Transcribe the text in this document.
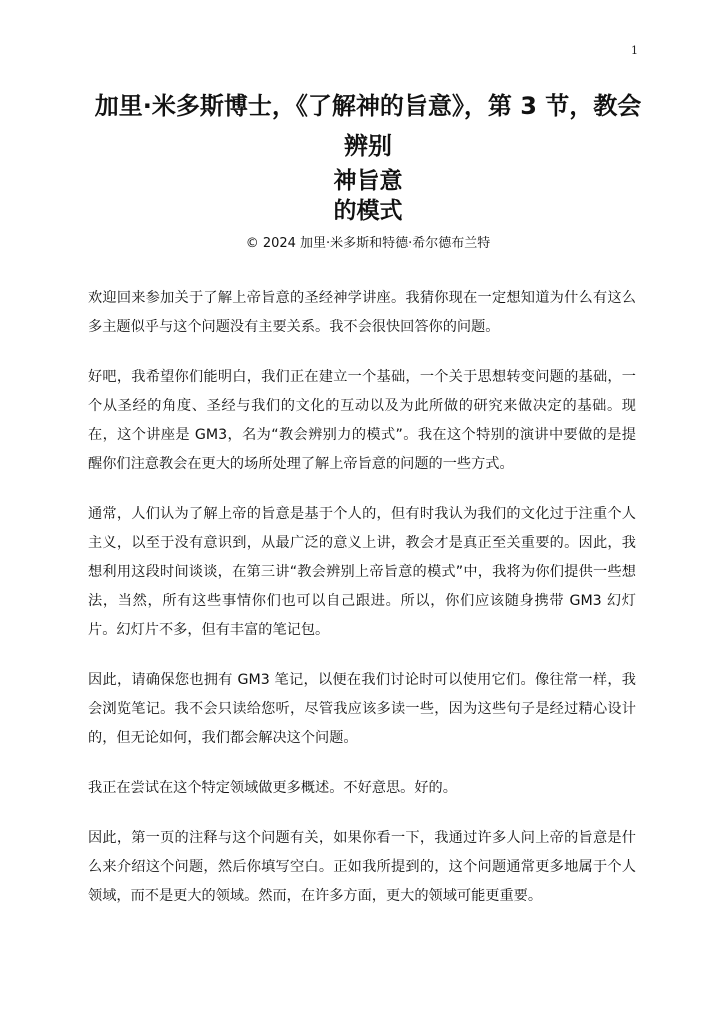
1
加里·米多斯博士，《了解神的旨意》，第 3 节，教会辨别
神旨意
的模式
© 2024 加里·米多斯和特德·希尔德布兰特

欢迎回来参加关于了解上帝旨意的圣经神学讲座。我猜你现在一定想知道为什么有这么多主题似乎与这个问题没有主要关系。我不会很快回答你的问题。

好吧，我希望你们能明白，我们正在建立一个基础，一个关于思想转变问题的基础，一个从圣经的角度、圣经与我们的文化的互动以及为此所做的研究来做决定的基础。现在，这个讲座是 GM3，名为“教会辨别力的模式”。我在这个特别的演讲中要做的是提醒你们注意教会在更大的场所处理了解上帝旨意的问题的一些方式。

通常，人们认为了解上帝的旨意是基于个人的，但有时我认为我们的文化过于注重个人主义，以至于没有意识到，从最广泛的意义上讲，教会才是真正至关重要的。因此，我想利用这段时间谈谈，在第三讲“教会辨别上帝旨意的模式”中，我将为你们提供一些想法，当然，所有这些事情你们也可以自己跟进。所以，你们应该随身携带 GM3 幻灯片。幻灯片不多，但有丰富的笔记包。

因此，请确保您也拥有 GM3 笔记，以便在我们讨论时可以使用它们。像往常一样，我会浏览笔记。我不会只读给您听，尽管我应该多读一些，因为这些句子是经过精心设计的，但无论如何，我们都会解决这个问题。

我正在尝试在这个特定领域做更多概述。不好意思。好的。

因此，第一页的注释与这个问题有关，如果你看一下，我通过许多人问上帝的旨意是什么来介绍这个问题，然后你填写空白。正如我所提到的，这个问题通常更多地属于个人领域，而不是更大的领域。然而，在许多方面，更大的领域可能更重要。
